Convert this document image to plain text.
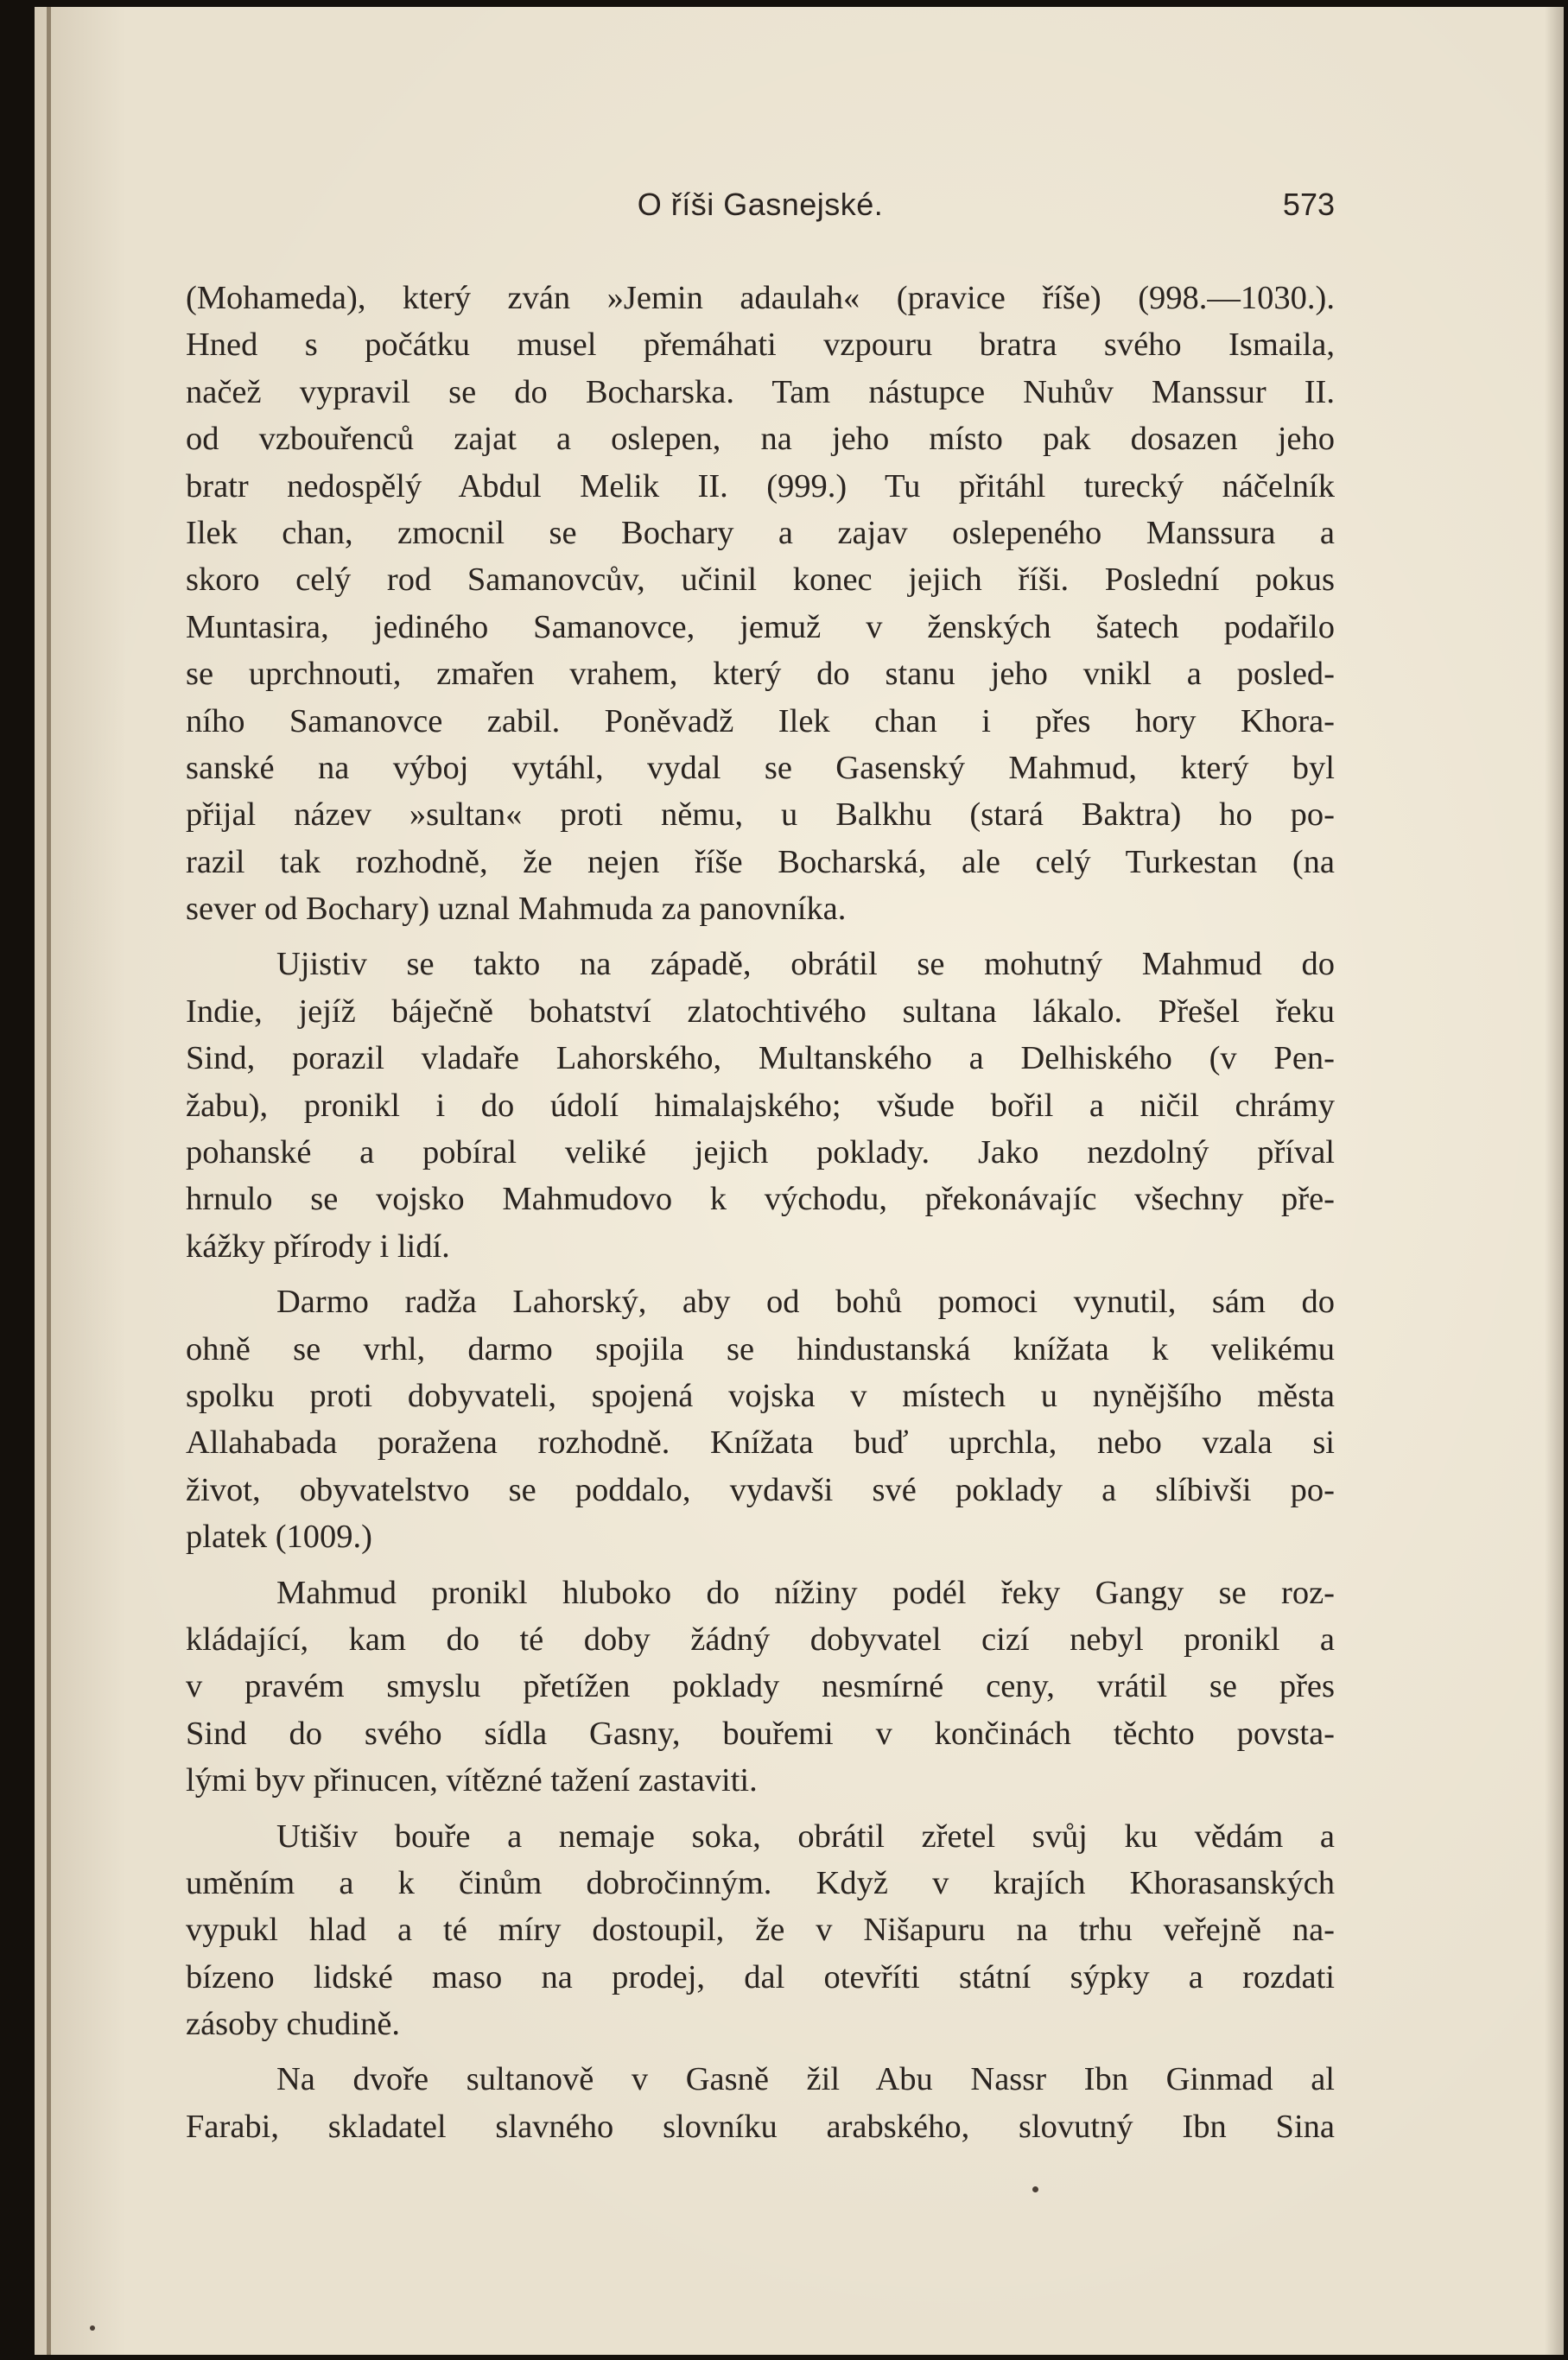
O říši Gasnejské.	573
(Mohameda), který zván »Jemin adaulah« (pravice říše) (998.—1030.).
Hned s počátku musel přemáhati vzpouru bratra svého Ismaila,
načež vypravil se do Bocharska. Tam nástupce Nuhův Manssur II.
od vzbouřenců zajat a oslepen, na jeho místo pak dosazen jeho
bratr nedospělý Abdul Melik II. (999.) Tu přitáhl turecký náčelník
Ilek chan, zmocnil se Bochary a zajav oslepeného Manssura a
skoro celý rod Samanovcův, učinil konec jejich říši. Poslední pokus
Muntasira, jediného Samanovce, jemuž v ženských šatech podařilo
se uprchnouti, zmařen vrahem, který do stanu jeho vnikl a posled-
ního Samanovce zabil. Poněvadž Ilek chan i přes hory Khora-
sanské na výboj vytáhl, vydal se Gasenský Mahmud, který byl
přijal název »sultan« proti němu, u Balkhu (stará Baktra) ho po-
razil tak rozhodně, že nejen říše Bocharská, ale celý Turkestan (na
sever od Bochary) uznal Mahmuda za panovníka.
Ujistiv se takto na západě, obrátil se mohutný Mahmud do
Indie, jejíž báječně bohatství zlatochtivého sultana lákalo. Přešel řeku
Sind, porazil vladaře Lahorského, Multanského a Delhiského (v Pen-
žabu), pronikl i do údolí himalajského; všude bořil a ničil chrámy
pohanské a pobíral veliké jejich poklady. Jako nezdolný příval
hrnulo se vojsko Mahmudovo k východu, překonávajíc všechny pře-
kážky přírody i lidí.
Darmo radža Lahorský, aby od bohů pomoci vynutil, sám do
ohně se vrhl, darmo spojila se hindustanská knížata k velikému
spolku proti dobyvateli, spojená vojska v místech u nynějšího města
Allahabada poražena rozhodně. Knížata buď uprchla, nebo vzala si
život, obyvatelstvo se poddalo, vydavši své poklady a slíbivši po-
platek (1009.)
Mahmud pronikl hluboko do nížiny podél řeky Gangy se roz-
kládající, kam do té doby žádný dobyvatel cizí nebyl pronikl a
v pravém smyslu přetížen poklady nesmírné ceny, vrátil se přes
Sind do svého sídla Gasny, bouřemi v končinách těchto povsta-
lými byv přinucen, vítězné tažení zastaviti.
Utišiv bouře a nemaje soka, obrátil zřetel svůj ku vědám a
uměním a k činům dobročinným. Když v krajích Khorasanských
vypukl hlad a té míry dostoupil, že v Nišapuru na trhu veřejně na-
bízeno lidské maso na prodej, dal otevříti státní sýpky a rozdati
zásoby chudině.
Na dvoře sultanově v Gasně žil Abu Nassr Ibn Ginmad al
Farabi, skladatel slavného slovníku arabského, slovutný Ibn Sina
